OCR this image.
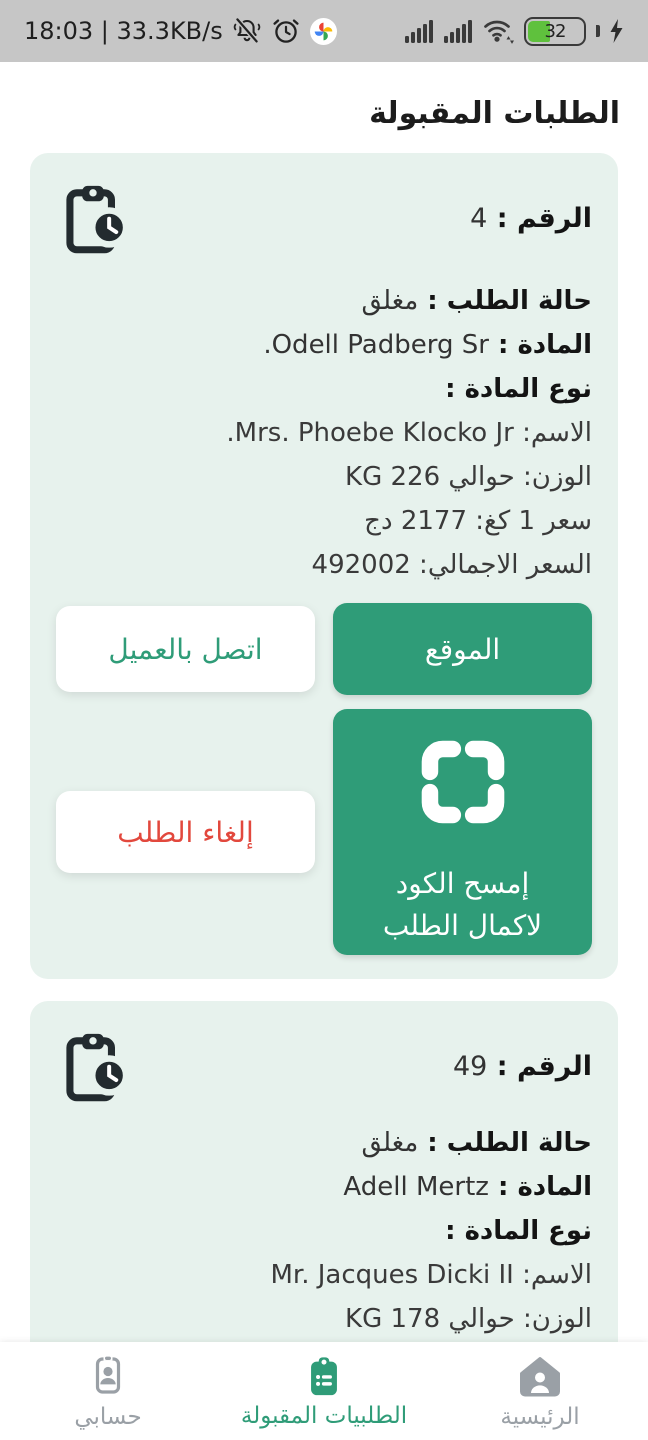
18:03 | 33.3KB/s	32
الطلبات المقبولة
الرقم : 4
حالة الطلب : مغلق
المادة : Odell Padberg Sr.
نوع المادة :
الاسم: Mrs. Phoebe Klocko Jr.
الوزن: حوالي KG 226
سعر 1 كغ: 2177 دج
السعر الاجمالي: 492002
الموقع
اتصل بالعميل
إمسح الكود
لاكمال الطلب
إلغاء الطلب
الرقم : 49
حالة الطلب : مغلق
المادة : Adell Mertz
نوع المادة :
الاسم: Mr. Jacques Dicki II
الوزن: حوالي KG 178
الرئيسية
الطلبيات المقبولة
حسابي
